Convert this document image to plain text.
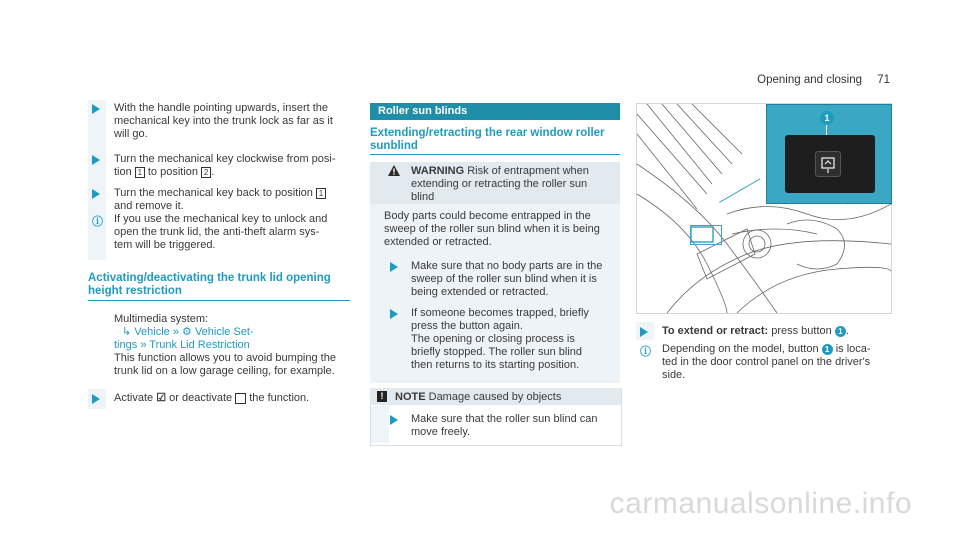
Opening and closing 71
With the handle pointing upwards, insert the
mechanical key into the trunk lock as far as it
will go.
Turn the mechanical key clockwise from posi-
tion 1 to position 2 .
Turn the mechanical key back to position 1
and remove it.
ⓘ If you use the mechanical key to unlock and
open the trunk lid, the anti-theft alarm sys-
tem will be triggered.
Activating/deactivating the trunk lid opening
height restriction
Multimedia system:
↳ Vehicle » ⚙ Vehicle Set-
tings » Trunk Lid Restriction
This function allows you to avoid bumping the
trunk lid on a low garage ceiling, for example.
Activate ☑ or deactivate the function.
Roller sun blinds
Extending/retracting the rear window roller
sunblind
WARNING Risk of entrapment when
extending or retracting the roller sun
blind
Body parts could become entrapped in the
sweep of the roller sun blind when it is being
extended or retracted.
Make sure that no body parts are in the
sweep of the roller sun blind when it is
being extended or retracted.
If someone becomes trapped, briefly
press the button again.
The opening or closing process is
briefly stopped. The roller sun blind
then returns to its starting position.
!	NOTE Damage caused by objects
Make sure that the roller sun blind can
move freely.
1
To extend or retract: press button 1 .
ⓘ Depending on the model, button 1 is loca-
ted in the door control panel on the driver's
side.
carmanualsonline.info
